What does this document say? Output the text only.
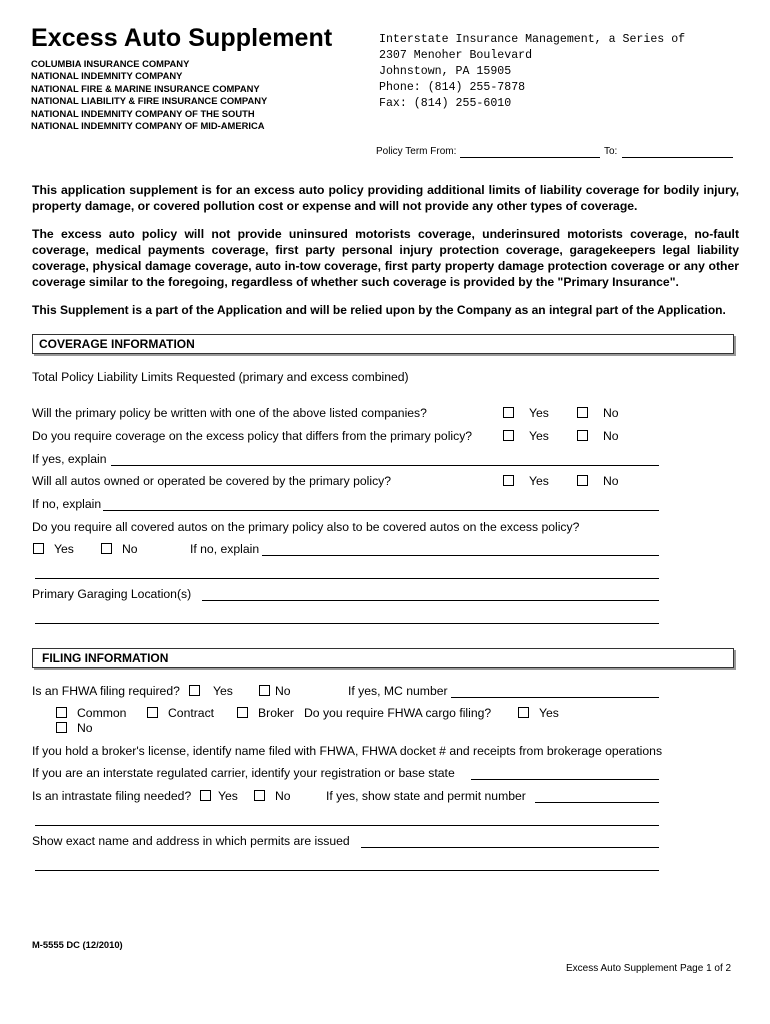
Excess Auto Supplement
COLUMBIA INSURANCE COMPANY
NATIONAL INDEMNITY COMPANY
NATIONAL FIRE & MARINE INSURANCE COMPANY
NATIONAL LIABILITY & FIRE INSURANCE COMPANY
NATIONAL INDEMNITY COMPANY OF THE SOUTH
NATIONAL INDEMNITY COMPANY OF MID-AMERICA
Interstate Insurance Management, a Series of
2307 Menoher Boulevard
Johnstown, PA 15905
Phone: (814) 255-7878
Fax: (814) 255-6010
Policy Term From:	To:
This application supplement is for an excess auto policy providing additional limits of liability coverage for bodily injury, property damage, or covered pollution cost or expense and will not provide any other types of coverage.
The excess auto policy will not provide uninsured motorists coverage, underinsured motorists coverage, no-fault coverage, medical payments coverage, first party personal injury protection coverage, garagekeepers legal liability coverage, physical damage coverage, auto in-tow coverage, first party property damage protection coverage or any other coverage similar to the foregoing, regardless of whether such coverage is provided by the "Primary Insurance".
This Supplement is a part of the Application and will be relied upon by the Company as an integral part of the Application.
COVERAGE INFORMATION
Total Policy Liability Limits Requested (primary and excess combined)
Will the primary policy be written with one of the above listed companies?	Yes	No
Do you require coverage on the excess policy that differs from the primary policy?	Yes	No
If yes, explain
Will all autos owned or operated be covered by the primary policy?	Yes	No
If no, explain
Do you require all covered autos on the primary policy also to be covered autos on the excess policy?
Yes	No	If no, explain
Primary Garaging Location(s)
FILING INFORMATION
Is an FHWA filing required?	Yes	No	If yes, MC number
Common	Contract	Broker Do you require FHWA cargo filing?	Yes
No
If you hold a broker's license, identify name filed with FHWA, FHWA docket # and receipts from brokerage operations
If you are an interstate regulated carrier, identify your registration or base state
Is an intrastate filing needed? Yes	No	If yes, show state and permit number
Show exact name and address in which permits are issued
M-5555 DC (12/2010)
Excess Auto Supplement Page 1 of 2
